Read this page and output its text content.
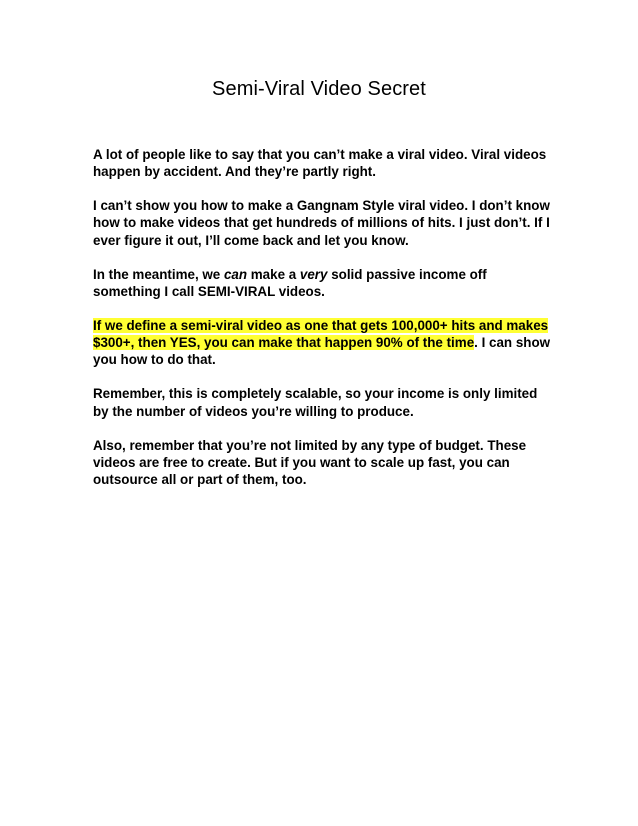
Semi-Viral Video Secret

A lot of people like to say that you can’t make a viral video. Viral videos happen by accident. And they’re partly right.

I can’t show you how to make a Gangnam Style viral video. I don’t know how to make videos that get hundreds of millions of hits. I just don’t. If I ever figure it out, I’ll come back and let you know.

In the meantime, we can make a very solid passive income off something I call SEMI-VIRAL videos.

If we define a semi-viral video as one that gets 100,000+ hits and makes $300+, then YES, you can make that happen 90% of the time. I can show you how to do that.

Remember, this is completely scalable, so your income is only limited by the number of videos you’re willing to produce.

Also, remember that you’re not limited by any type of budget. These videos are free to create. But if you want to scale up fast, you can outsource all or part of them, too.
